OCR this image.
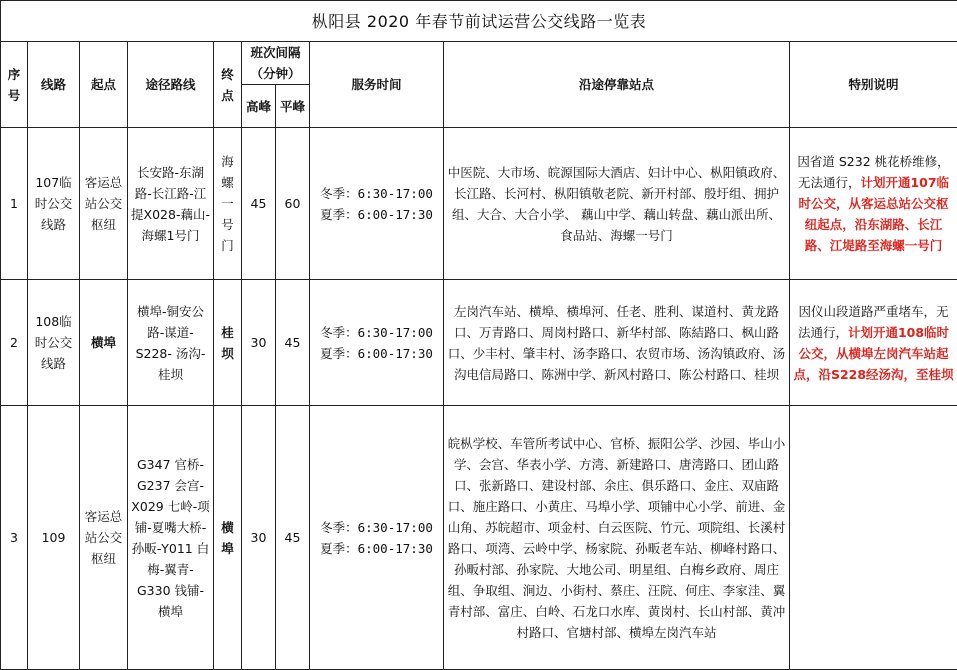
枞阳县 2020 年春节前试运营公交线路一览表									
序号	线路	起点	途径路线	终点	班次间隔（分钟）		服务时间	沿途停靠站点	特别说明
					高峰	平峰			
1	107临时公交线路	客运总站公交枢纽	长安路-东湖路-长江路-江提X028-藕山-海螺1号门	海螺一号门	45	60	冬季：6:30-17:00
夏季：6:00-17:30	中医院、大市场、皖源国际大酒店、妇计中心、枞阳镇政府、长江路、长河村、枞阳镇敬老院、新开村部、殷圩组、拥护组、大合、大合小学、 藕山中学、藕山转盘、藕山派出所、食品站、海螺一号门	因省道 S232 桃花桥维修，无法通行，计划开通107临时公交，从客运总站公交枢纽起点，沿东湖路、长江路、江堤路至海螺一号门
2	108临时公交线路	横埠	横埠-铜安公路-谋道-S228- 汤沟-桂坝	桂坝	30	45	冬季：6:30-17:00
夏季：6:00-17:30	左岗汽车站、横埠、横埠河、任老、胜利、谋道村、黄龙路口、万青路口、周岗村路口、新华村部、陈結路口、枫山路口、少丰村、肇丰村、汤李路口、农贸市场、汤沟镇政府、汤沟电信局路口、陈洲中学、新风村路口、陈公村路口、桂坝	因仪山段道路严重堵车，无法通行，计划开通108临时公交，从横埠左岗汽车站起点，沿S228经汤沟，至桂坝
3	109	客运总站公交枢纽	G347 官桥-G237 会宫-X029 七岭-项铺-夏嘴大桥-孙畈-Y011 白梅-翼青-G330 钱铺-横埠	横埠	30	45	冬季：6:30-17:00
夏季：6:00-17:30	皖枞学校、车管所考试中心、官桥、振阳公学、沙园、毕山小学、会宫、华表小学、方湾、新建路口、唐湾路口、团山路口、张新路口、建设村部、余庄、俱乐路口、金庄、双庙路口、施庄路口、小黄庄、马埠小学、项铺中心小学、前进、金山角、苏皖超市、项金村、白云医院、竹元、项院组、长溪村路口、项湾、云岭中学、杨家院、孙畈老车站、柳峰村路口、孙畈村部、孙家院、大地公司、明星组、白梅乡政府、周庄组、争取组、涧边、小街村、蔡庄、汪院、何庄、李家洼、翼青村部、富庄、白岭、石龙口水库、黄岗村、长山村部、黄冲村路口、官塘村部、横埠左岗汽车站	
